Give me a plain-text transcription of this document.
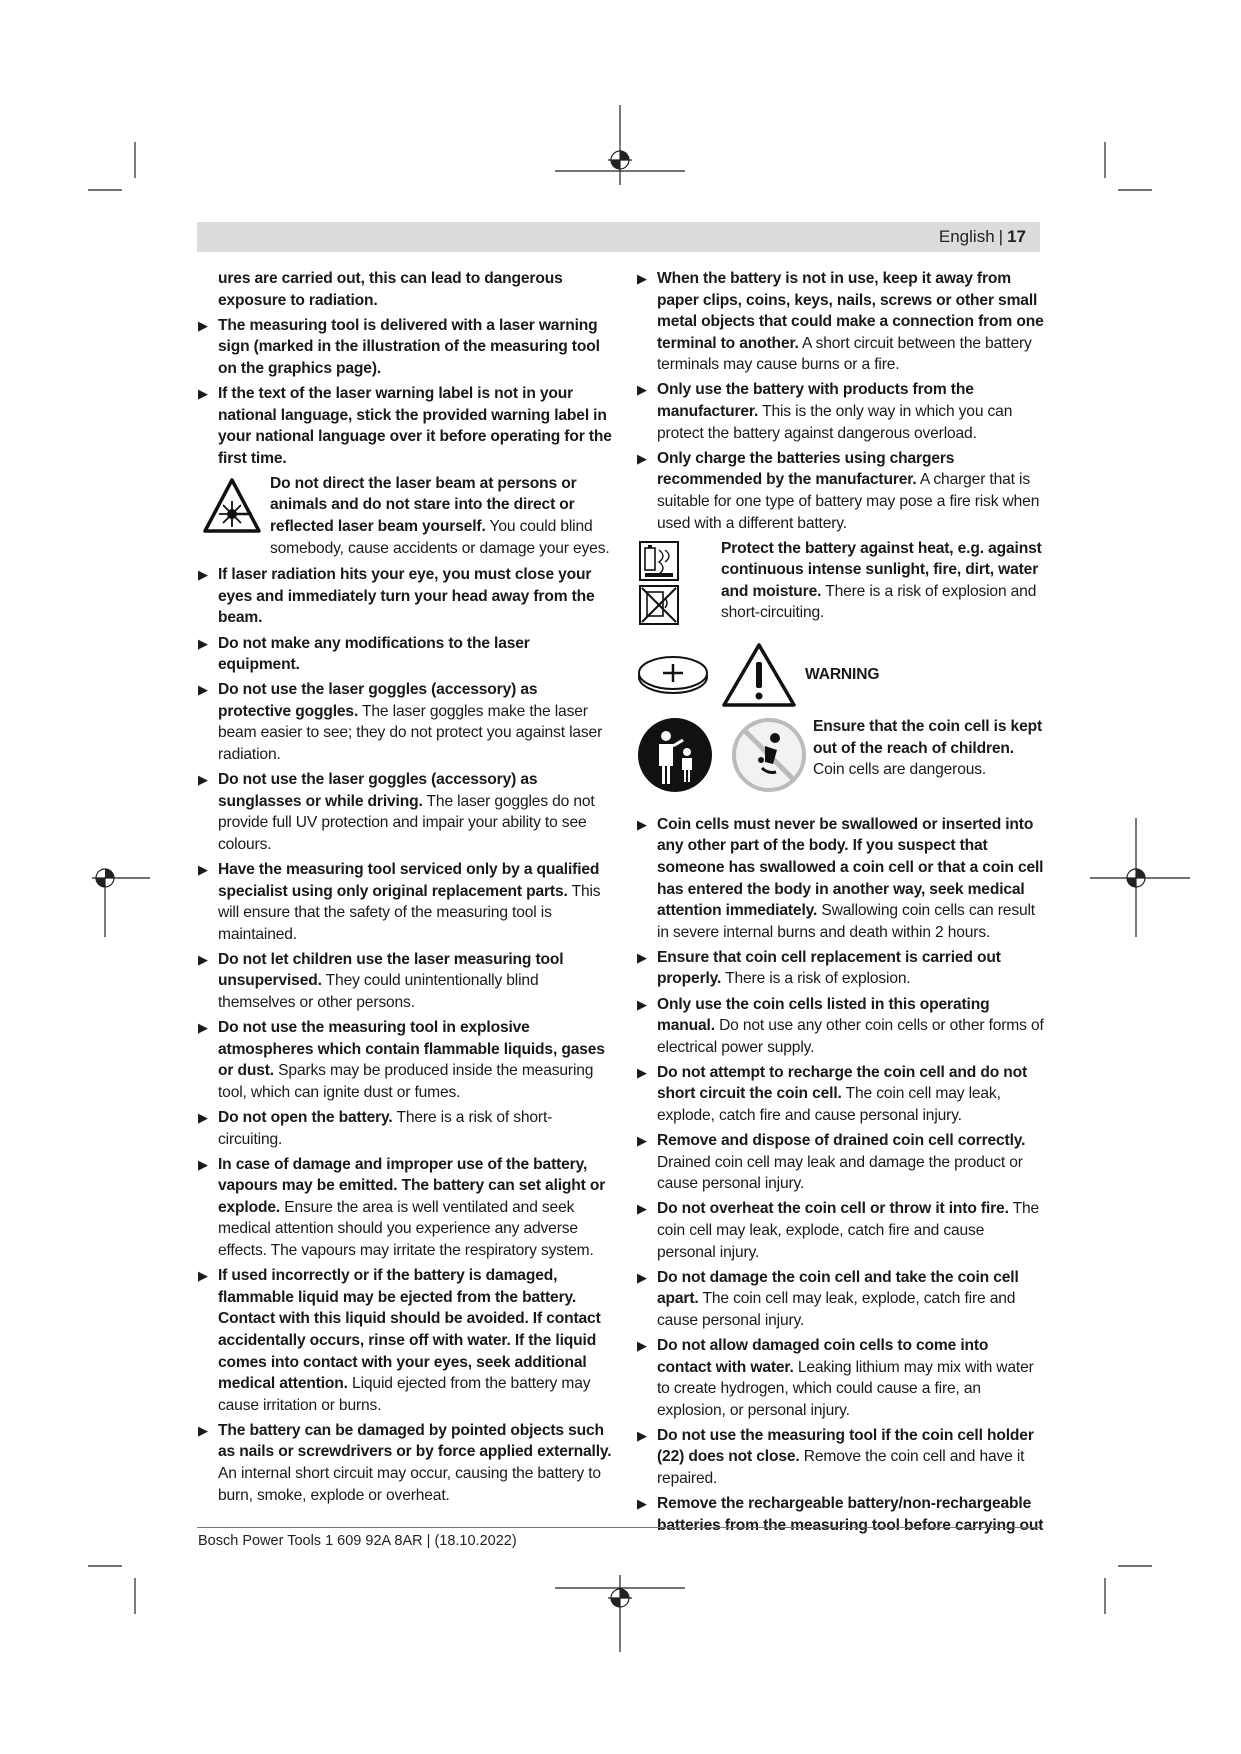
English | 17
ures are carried out, this can lead to dangerous exposure to radiation.
▶ The measuring tool is delivered with a laser warning sign (marked in the illustration of the measuring tool on the graphics page).
▶ If the text of the laser warning label is not in your national language, stick the provided warning label in your national language over it before operating for the first time.
Do not direct the laser beam at persons or animals and do not stare into the direct or reflected laser beam yourself. You could blind somebody, cause accidents or damage your eyes.
▶ If laser radiation hits your eye, you must close your eyes and immediately turn your head away from the beam.
▶ Do not make any modifications to the laser equipment.
▶ Do not use the laser goggles (accessory) as protective goggles. The laser goggles make the laser beam easier to see; they do not protect you against laser radiation.
▶ Do not use the laser goggles (accessory) as sunglasses or while driving. The laser goggles do not provide full UV protection and impair your ability to see colours.
▶ Have the measuring tool serviced only by a qualified specialist using only original replacement parts. This will ensure that the safety of the measuring tool is maintained.
▶ Do not let children use the laser measuring tool unsupervised. They could unintentionally blind themselves or other persons.
▶ Do not use the measuring tool in explosive atmospheres which contain flammable liquids, gases or dust. Sparks may be produced inside the measuring tool, which can ignite dust or fumes.
▶ Do not open the battery. There is a risk of short-circuiting.
▶ In case of damage and improper use of the battery, vapours may be emitted. The battery can set alight or explode. Ensure the area is well ventilated and seek medical attention should you experience any adverse effects. The vapours may irritate the respiratory system.
▶ If used incorrectly or if the battery is damaged, flammable liquid may be ejected from the battery. Contact with this liquid should be avoided. If contact accidentally occurs, rinse off with water. If the liquid comes into contact with your eyes, seek additional medical attention. Liquid ejected from the battery may cause irritation or burns.
▶ The battery can be damaged by pointed objects such as nails or screwdrivers or by force applied externally. An internal short circuit may occur, causing the battery to burn, smoke, explode or overheat.
▶ When the battery is not in use, keep it away from paper clips, coins, keys, nails, screws or other small metal objects that could make a connection from one terminal to another. A short circuit between the battery terminals may cause burns or a fire.
▶ Only use the battery with products from the manufacturer. This is the only way in which you can protect the battery against dangerous overload.
▶ Only charge the batteries using chargers recommended by the manufacturer. A charger that is suitable for one type of battery may pose a fire risk when used with a different battery.
Protect the battery against heat, e.g. against continuous intense sunlight, fire, dirt, water and moisture. There is a risk of explosion and short-circuiting.
WARNING
Ensure that the coin cell is kept out of the reach of children. Coin cells are dangerous.
▶ Coin cells must never be swallowed or inserted into any other part of the body. If you suspect that someone has swallowed a coin cell or that a coin cell has entered the body in another way, seek medical attention immediately. Swallowing coin cells can result in severe internal burns and death within 2 hours.
▶ Ensure that coin cell replacement is carried out properly. There is a risk of explosion.
▶ Only use the coin cells listed in this operating manual. Do not use any other coin cells or other forms of electrical power supply.
▶ Do not attempt to recharge the coin cell and do not short circuit the coin cell. The coin cell may leak, explode, catch fire and cause personal injury.
▶ Remove and dispose of drained coin cell correctly. Drained coin cell may leak and damage the product or cause personal injury.
▶ Do not overheat the coin cell or throw it into fire. The coin cell may leak, explode, catch fire and cause personal injury.
▶ Do not damage the coin cell and take the coin cell apart. The coin cell may leak, explode, catch fire and cause personal injury.
▶ Do not allow damaged coin cells to come into contact with water. Leaking lithium may mix with water to create hydrogen, which could cause a fire, an explosion, or personal injury.
▶ Do not use the measuring tool if the coin cell holder (22) does not close. Remove the coin cell and have it repaired.
▶ Remove the rechargeable battery/non-rechargeable batteries from the measuring tool before carrying out
Bosch Power Tools 1 609 92A 8AR | (18.10.2022)
